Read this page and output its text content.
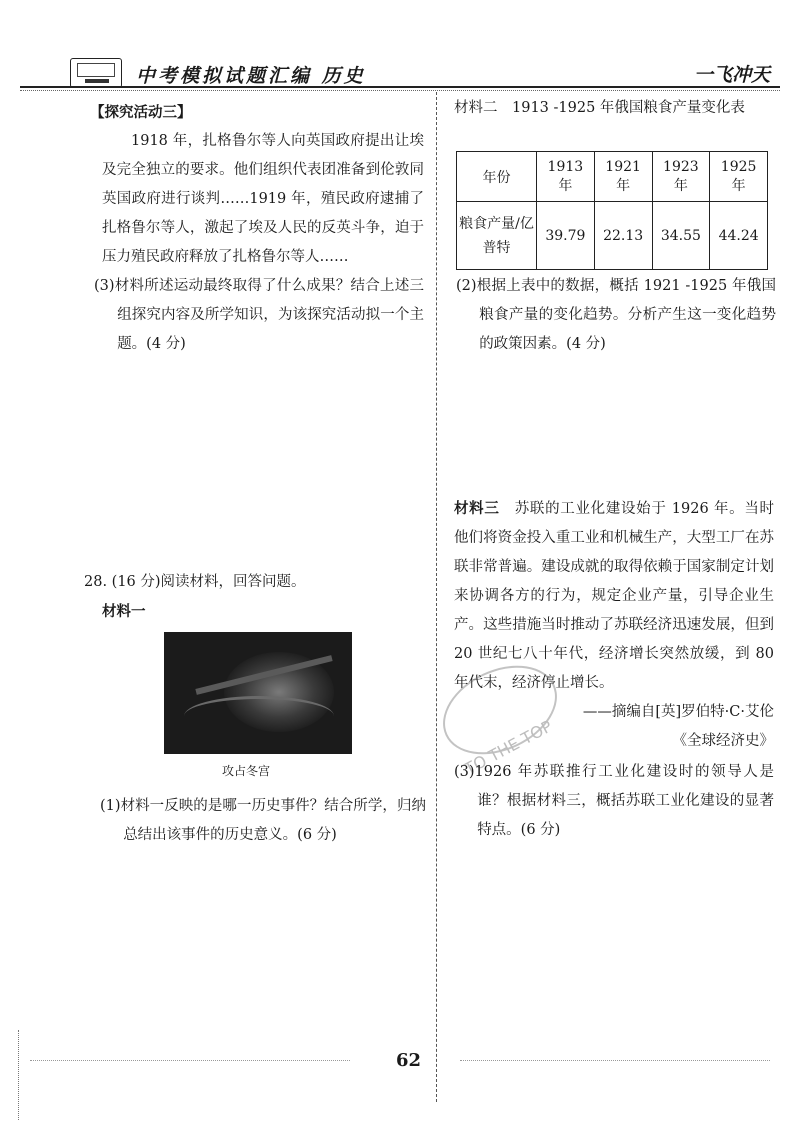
中考模拟试题汇编 历史	一飞冲天
【探究活动三】
1918 年，扎格鲁尔等人向英国政府提出让埃及完全独立的要求。他们组织代表团准备到伦敦同英国政府进行谈判……1919 年，殖民政府逮捕了扎格鲁尔等人，激起了埃及人民的反英斗争，迫于压力殖民政府释放了扎格鲁尔等人……
(3)材料所述运动最终取得了什么成果？结合上述三组探究内容及所学知识，为该探究活动拟一个主题。(4 分)
28. (16 分)阅读材料，回答问题。
材料一
攻占冬宫
(1)材料一反映的是哪一历史事件？结合所学，归纳总结出该事件的历史意义。(6 分)
材料二　1913 -1925 年俄国粮食产量变化表
年份	1913 年	1921 年	1923 年	1925 年
粮食产量/亿普特	39.79	22.13	34.55	44.24
(2)根据上表中的数据，概括 1921 -1925 年俄国粮食产量的变化趋势。分析产生这一变化趋势的政策因素。(4 分)
材料三　 苏联的工业化建设始于 1926 年。当时他们将资金投入重工业和机械生产，大型工厂在苏联非常普遍。建设成就的取得依赖于国家制定计划来协调各方的行为，规定企业产量，引导企业生产。这些措施当时推动了苏联经济迅速发展，但到 20 世纪七八十年代，经济增长突然放缓，到 80 年代末，经济停止增长。
——摘编自[英]罗伯特·C·艾伦
《全球经济史》
(3)1926 年苏联推行工业化建设时的领导人是谁？根据材料三，概括苏联工业化建设的显著特点。(6 分)
TO THE TOP
62
